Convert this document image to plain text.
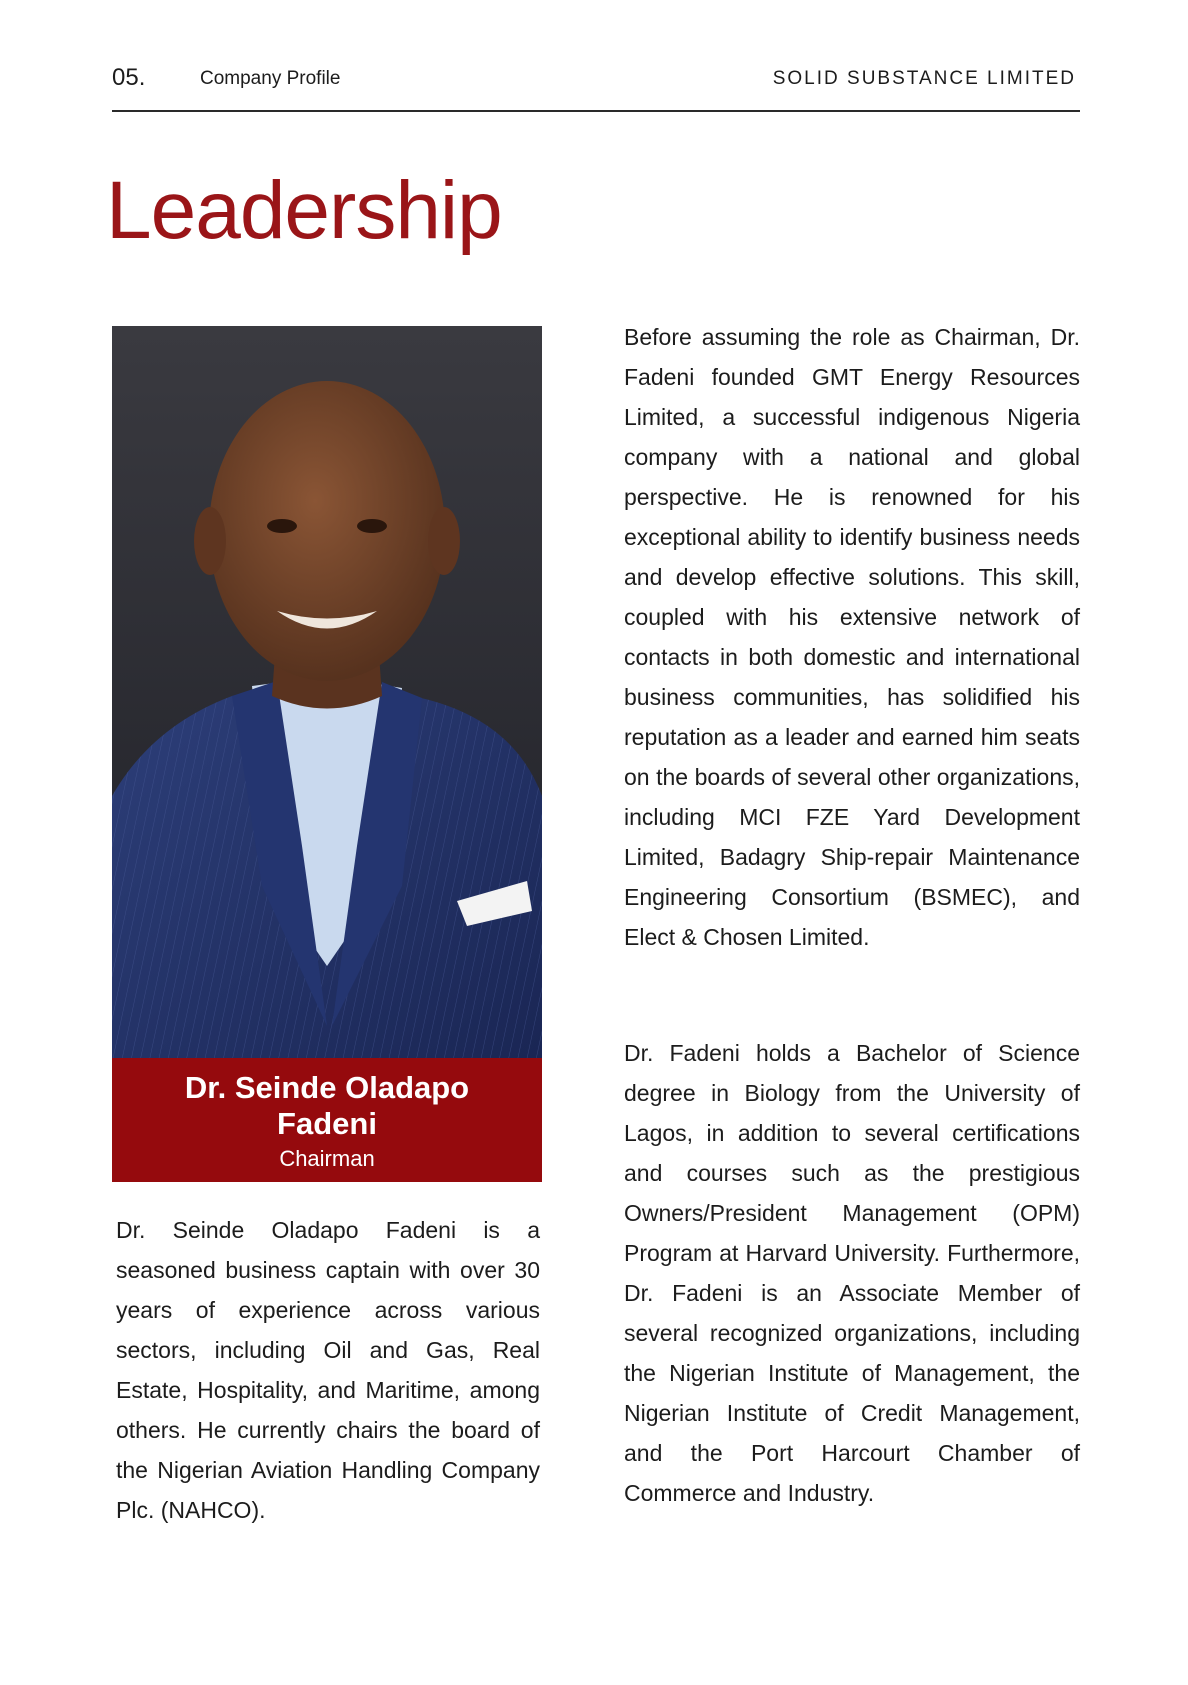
05.	Company Profile	SOLID SUBSTANCE LIMITED
Leadership
Dr. Seinde Oladapo Fadeni
Chairman

Dr. Seinde Oladapo Fadeni is a seasoned business captain with over 30 years of experience across various sectors, including Oil and Gas, Real Estate, Hospitality, and Maritime, among others. He currently chairs the board of the Nigerian Aviation Handling Company Plc. (NAHCO).

Before assuming the role as Chairman, Dr. Fadeni founded GMT Energy Resources Limited, a successful indigenous Nigeria company with a national and global perspective. He is renowned for his exceptional ability to identify business needs and develop effective solutions. This skill, coupled with his extensive network of contacts in both domestic and international business communities, has solidified his reputation as a leader and earned him seats on the boards of several other organizations, including MCI FZE Yard Development Limited, Badagry Ship-repair Maintenance Engineering Consortium (BSMEC), and Elect & Chosen Limited.

Dr. Fadeni holds a Bachelor of Science degree in Biology from the University of Lagos, in addition to several certifications and courses such as the prestigious Owners/President Management (OPM) Program at Harvard University. Furthermore, Dr. Fadeni is an Associate Member of several recognized organizations, including the Nigerian Institute of Management, the Nigerian Institute of Credit Management, and the Port Harcourt Chamber of Commerce and Industry.
